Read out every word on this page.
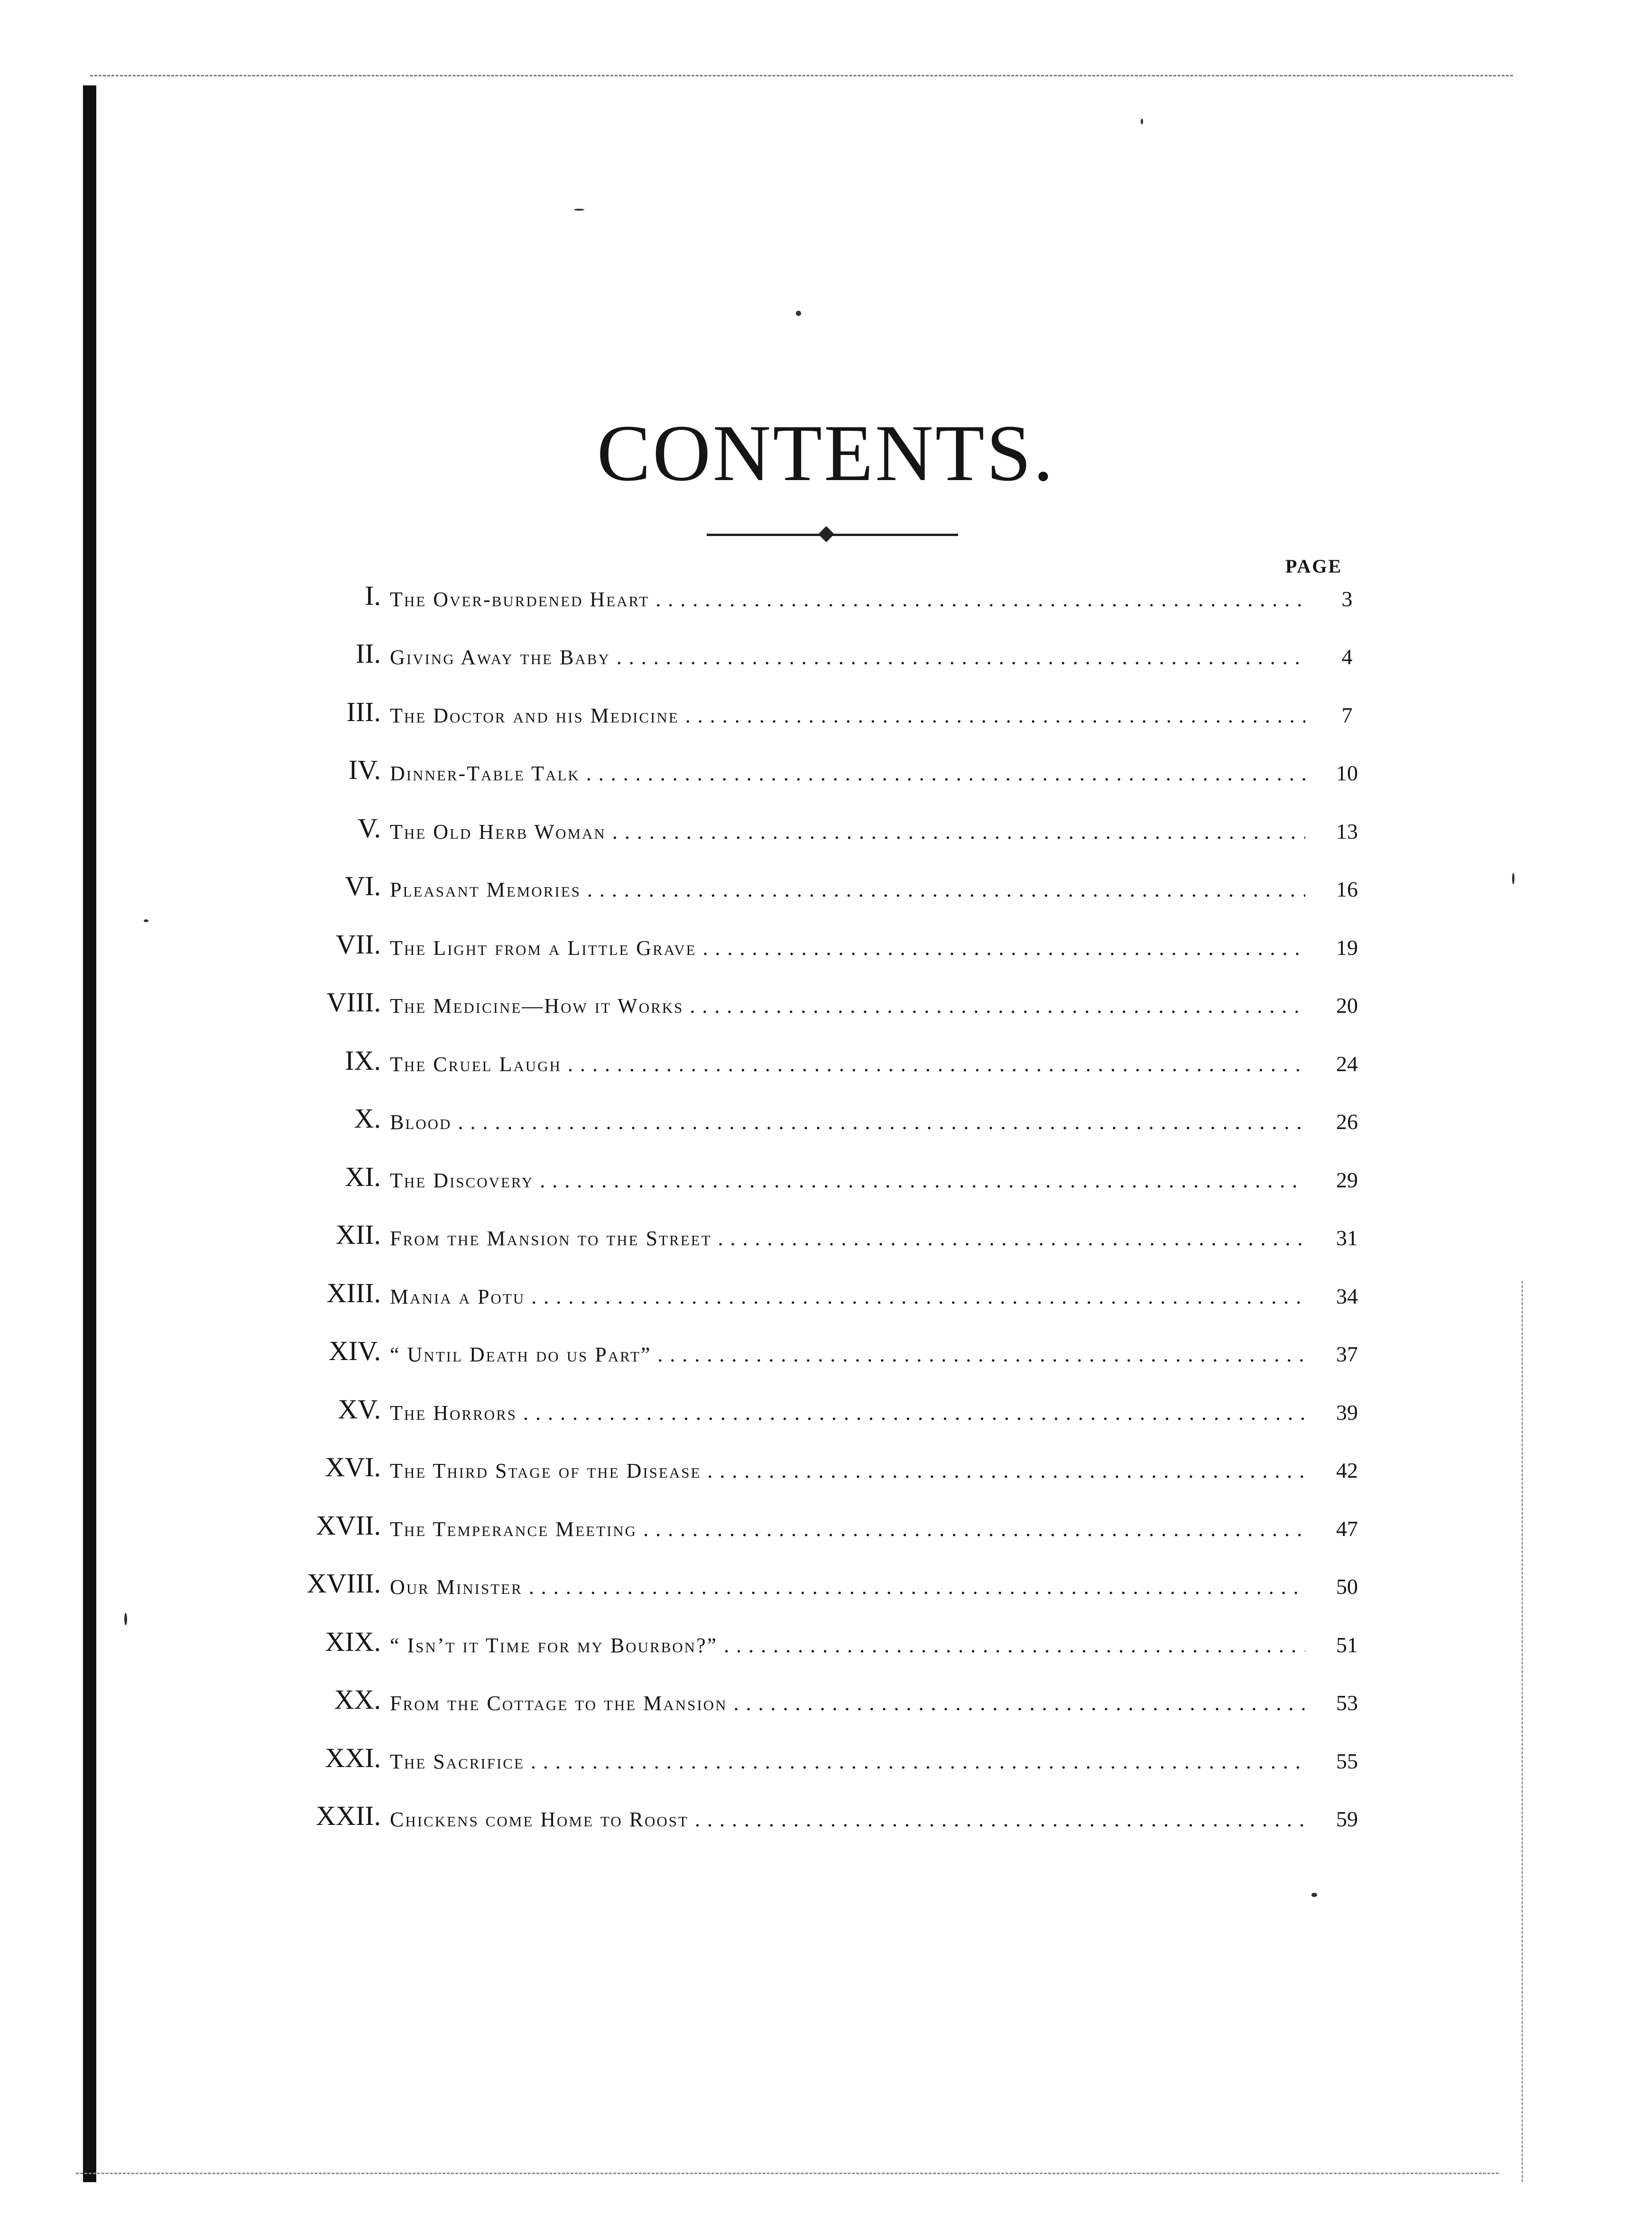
CONTENTS.
PAGE
I. The Over-burdened Heart . . .	3
II. Giving Away the Baby . . .	4
III. The Doctor and his Medicine . . .	7
IV. Dinner-Table Talk . . .	10
V. The Old Herb Woman . . .	13
VI. Pleasant Memories . . .	16
VII. The Light from a Little Grave . . .	19
VIII. The Medicine—How it Works . . .	20
IX. The Cruel Laugh . . .	24
X. Blood . . .	26
XI. The Discovery . . .	29
XII. From the Mansion to the Street . . .	31
XIII. Mania a Potu . . .	34
XIV. “ Until Death do us Part” . . .	37
XV. The Horrors . . .	39
XVI. The Third Stage of the Disease . . .	42
XVII. The Temperance Meeting . . .	47
XVIII. Our Minister . . .	50
XIX. “ Isn’t it Time for my Bourbon?” . . .	51
XX. From the Cottage to the Mansion . . .	53
XXI. The Sacrifice . . .	55
XXII. Chickens come Home to Roost . . .	59
